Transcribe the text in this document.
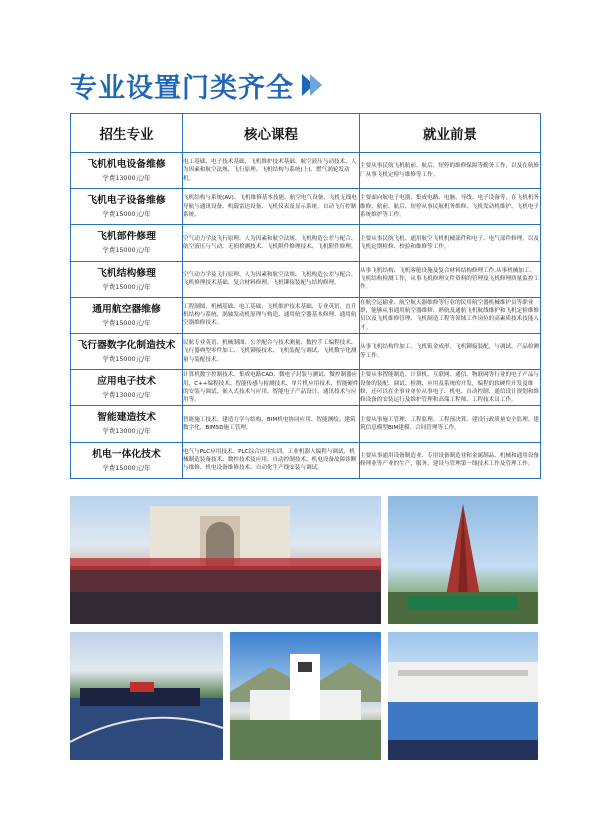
专业设置门类齐全
招生专业	核心课程	就业前景

飞机机电设备维修
学费13000元/年	电工基础、电子技术基础、飞机维护技术基础、航空液压与动技术、人为因素和航空法规、飞行原理、飞机结构与系统(上)、燃气涡轮发动机。	主要从事民航飞机航前、航后、短停的维修保障等勤务工作，以及在航修厂从事飞机定检与维修等工作。

飞机电子设备维修
学费15000元/年	飞机结构与系统(AV)、飞机维修基本技能、航空电气设备、飞机无线电导航与通讯设备、机载雷达设备、飞机仪表及显示系统、自动飞行控制系统。	主要面向航电子电器、集成电路、电脑、导线、电子设备等，在飞机机务维修、航前、航后、短停从事民航机务维修、飞机发动机维护、飞机电子系统维护等工作。

飞机部件修理
学费15000元/年	空气动力学及飞行原理、人为因素和航空法规、飞机构造公差与配合、航空液压与气动、无损检测技术、飞机附件修理技术、飞机附件修理。	主要从事民航飞机、通用航空飞机机械部件和电子、电气部件修理，以及飞机定期检修、校验和维修等工作。

飞机结构修理
学费15000元/年	空气动力学及飞行原理、人为因素和航空法规、飞机构造公差与配合、飞机修理技术基础、复合材料修理、飞机铆接装配与结构修理。	从事飞机结构、飞机客舱设施及复合材料结构修理工作,从事机械加工、飞机结构检测工作，从事飞机修理文件资料的管理及飞机修理质量监控工作。

通用航空器维修
学费15000元/年	工程制图、机械基础、电工基础、飞机维护技术基础、专业英语、直升机结构与系统、涡轴发动机原理与构造、通用航空器基本修理、通用航空器维修技术。	在航空运输业、航空航天器维修等行业的民用航空器机械维护员等职业群，能够从事通用航空器维修、熟航及通航飞机航线维护和飞机定检维修员以及飞机维修管理、飞机制造工程等领域工作岗位的高素质技术技能人才。

飞行器数字化制造技术
学费15000元/年	民航专业英语、机械制图、公差配合与技术测量、数控手工编程技术、飞行器典型零件加工、飞机铆接技术、飞机装配与调试、飞机数字化测量与装配技术。	从事飞机结构件加工、飞机钣金成形、飞机铆接装配、与调试、产品检测等工作。

应用电子技术
学费13000元/年	计算机数字控制技术、集成电路CAD、微电子封装与测试、微控制器应用、C++编程技术、智能传感与检测技术、单片机应用技术、智能硬件的安装与调试、嵌入式技术与应用、智能电子产品设计、通讯技术与应用等。	主要从事智能制造、计算机、互联网、通信、物联网等行业的电子产品与设备的装配、调试、检测、应用及系统的开发，编程的软硬件开发及维修，还可以在企事业单位从事电子、机电、自动控制、通信设计规划和维修设备的安装运行及维护管理和高端工程师、工程技术员工作。

智能建造技术
学费13000元/年	智能施工技术、建造力学与结构、BIM机电协同应用、智能测绘、建筑数字化、BIM5D施工管理。	主要从事施工管理、工程监理、工程预决算、建设行政质量安全监理、建筑信息模型BIM建模、合同管理等工作。

机电一体化技术
学费15000元/年	电气与PLC应用技术、PLC综合应用实训、工业机器人编程与调试、机械制造装备技术、数控技术及应用、自动控制技术、机电设备故障诊断与维修、机电设备维修技术、自动化生产线安装与调试。	主要从事通用设备制造业、专用设备制造业和金属制品、机械和通用设备修理业等产业的生产、服务、建设与管理第一线技术工作及管理工作。
